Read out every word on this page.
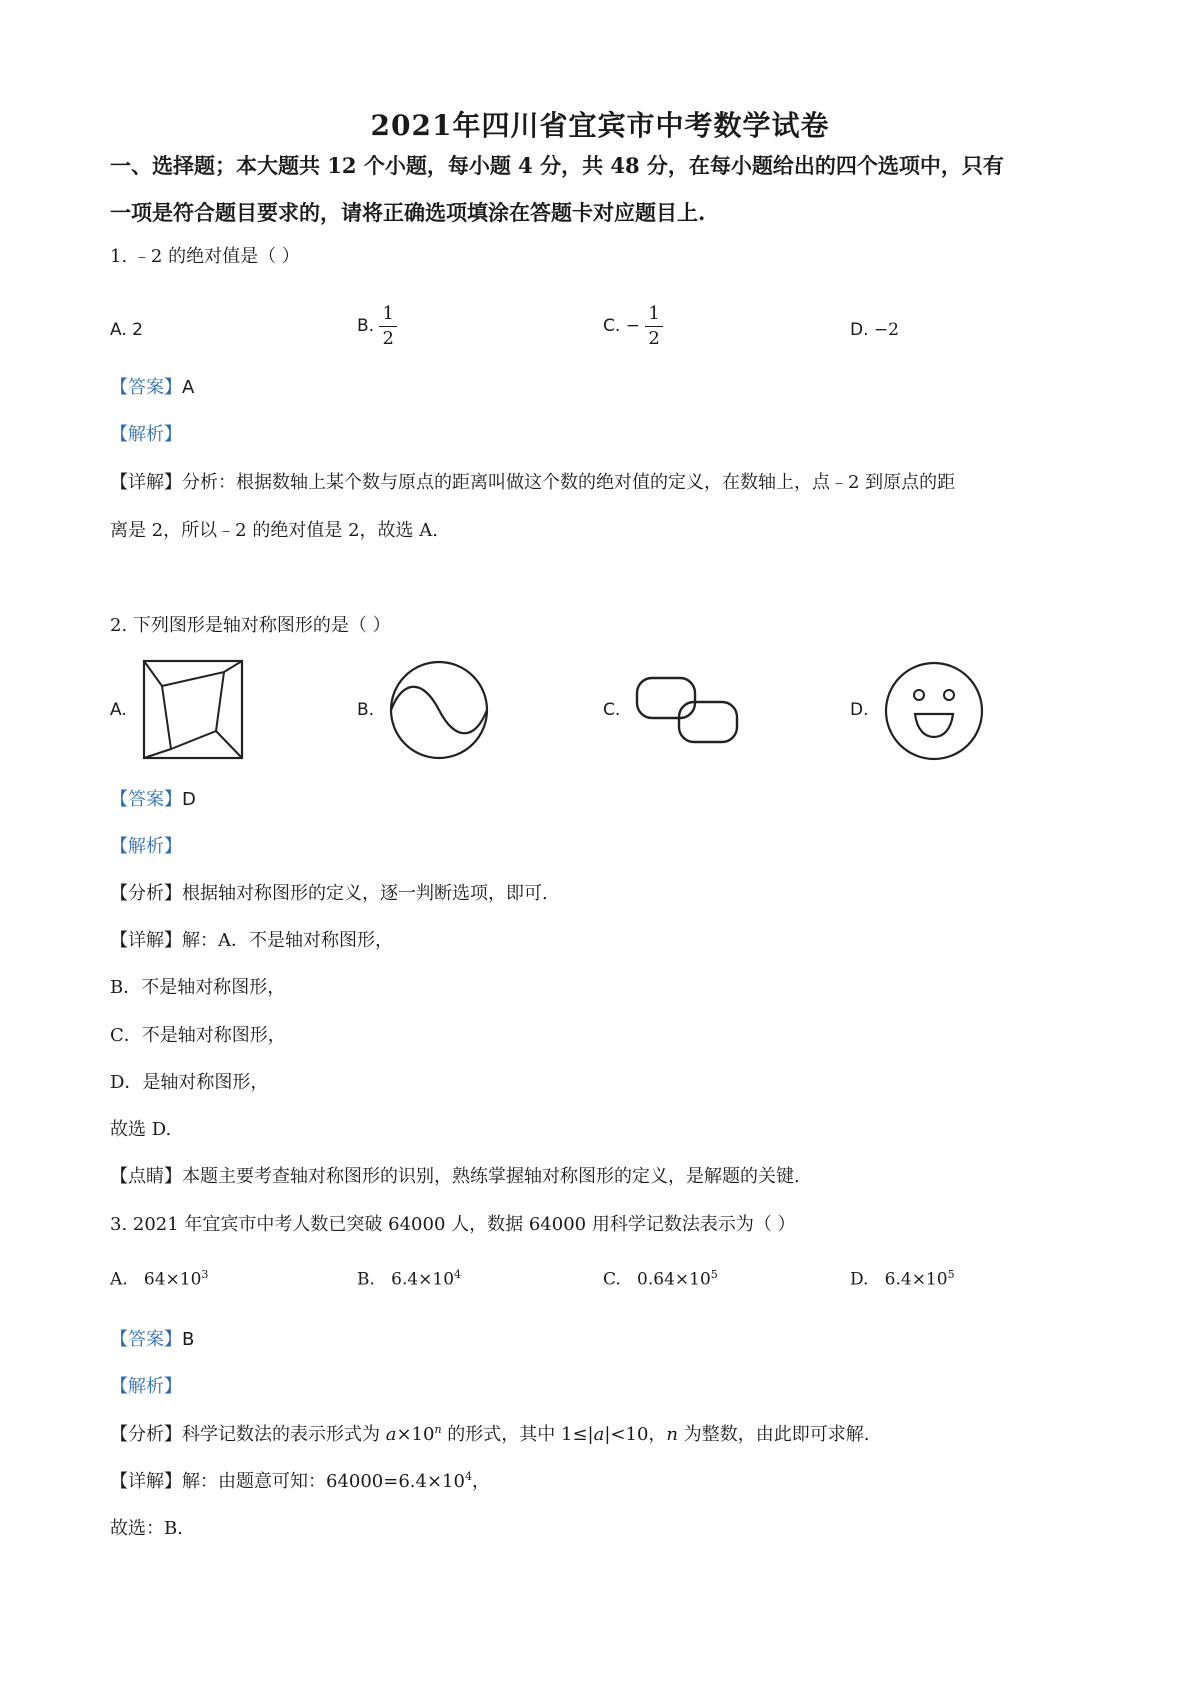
2021年四川省宜宾市中考数学试卷
一、选择题；本大题共 12 个小题，每小题 4 分，共 48 分，在每小题给出的四个选项中，只有
一项是符合题目要求的，请将正确选项填涂在答题卡对应题目上.
1. ﹣2 的绝对值是（ ）
A. 2	B. $\frac{1}{2}$	C. − $\frac{1}{2}$	D. −2
【答案】A
【解析】
【详解】分析：根据数轴上某个数与原点的距离叫做这个数的绝对值的定义，在数轴上，点﹣2 到原点的距
离是 2，所以﹣2 的绝对值是 2，故选 A.
2. 下列图形是轴对称图形的是（ ）
A.	B.	C.	D.
【答案】D
【解析】
【分析】根据轴对称图形的定义，逐一判断选项，即可.
【详解】解：A．不是轴对称图形，
B．不是轴对称图形，
C．不是轴对称图形，
D．是轴对称图形，
故选 D.
【点睛】本题主要考查轴对称图形的识别，熟练掌握轴对称图形的定义，是解题的关键.
3. 2021 年宜宾市中考人数已突破 64000 人，数据 64000 用科学记数法表示为（ ）
A. $64\times 10^3$	B. $6.4\times 10^4$	C. $0.64\times 10^5$	D. $6.4\times 10^5$
【答案】B
【解析】
【分析】科学记数法的表示形式为 $a\times 10^n$ 的形式，其中 1≤|a|<10，n 为整数，由此即可求解.
【详解】解：由题意可知：$64000=6.4\times 10^4$，
故选：B.
